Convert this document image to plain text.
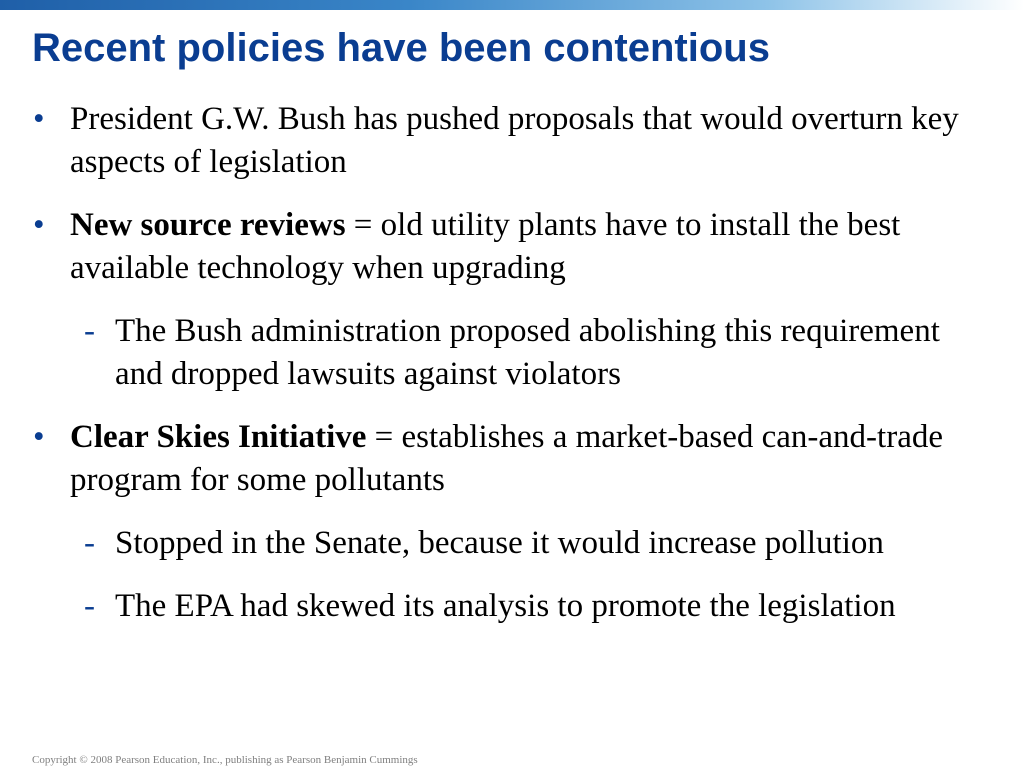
Recent policies have been contentious
• President G.W. Bush has pushed proposals that would overturn key aspects of legislation
• New source reviews = old utility plants have to install the best available technology when upgrading
- The Bush administration proposed abolishing this requirement and dropped lawsuits against violators
• Clear Skies Initiative = establishes a market-based can-and-trade program for some pollutants
- Stopped in the Senate, because it would increase pollution
- The EPA had skewed its analysis to promote the legislation
Copyright © 2008 Pearson Education, Inc., publishing as Pearson Benjamin Cummings
